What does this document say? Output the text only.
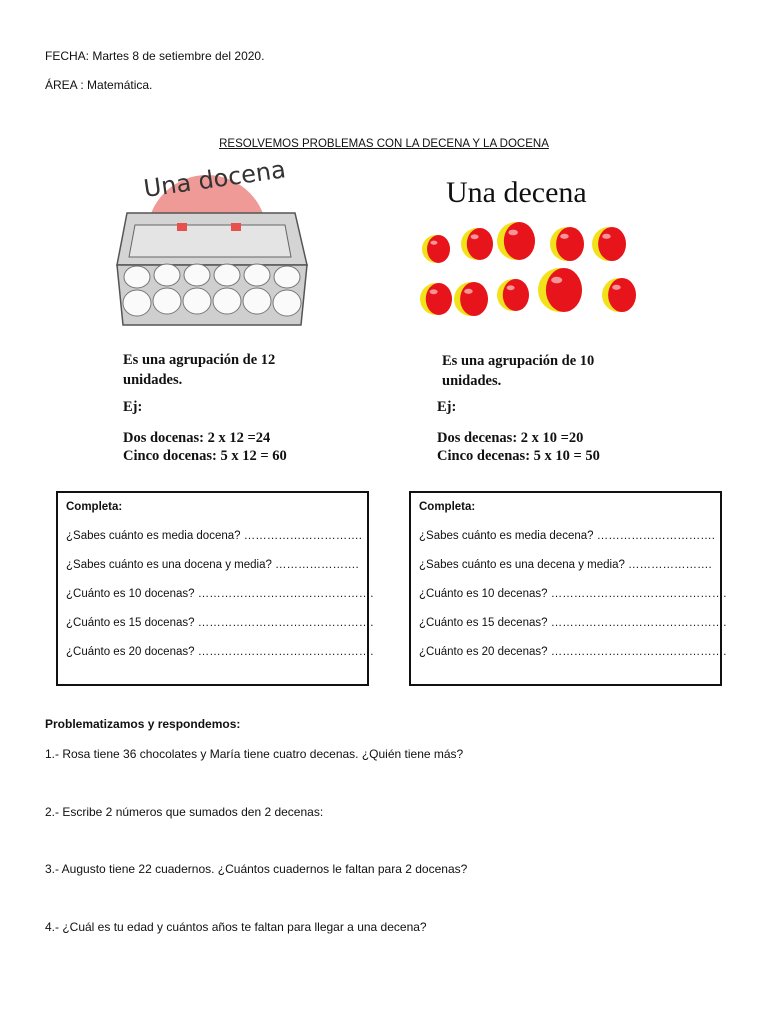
FECHA: Martes 8 de setiembre del 2020.
ÁREA : Matemática.
RESOLVEMOS PROBLEMAS CON LA DECENA Y LA DOCENA
Una docena	Una decena
Es una agrupación de 12
unidades.
Ej:
Dos docenas: 2 x 12 =24
Cinco docenas: 5 x 12 = 60
Es una agrupación de 10
unidades.
Ej:
Dos decenas: 2 x 10 =20
Cinco decenas: 5 x 10 = 50
Completa:
¿Sabes cuánto es media docena? ………………………….
¿Sabes cuánto es una docena y media? ………………….
¿Cuánto es 10 docenas? ……………………………………….
¿Cuánto es 15 docenas? ……………………………………….
¿Cuánto es 20 docenas? ……………………………………….
Completa:
¿Sabes cuánto es media decena? ………………………….
¿Sabes cuánto es una decena y media? ………………….
¿Cuánto es 10 decenas? ……………………………………….
¿Cuánto es 15 decenas? ……………………………………….
¿Cuánto es 20 decenas? ……………………………………….
Problematizamos y respondemos:
1.- Rosa tiene 36 chocolates y María tiene cuatro decenas. ¿Quién tiene más?
2.- Escribe 2 números que sumados den 2 decenas:
3.- Augusto tiene 22 cuadernos. ¿Cuántos cuadernos le faltan para 2 docenas?
4.- ¿Cuál es tu edad y cuántos años te faltan para llegar a una decena?
